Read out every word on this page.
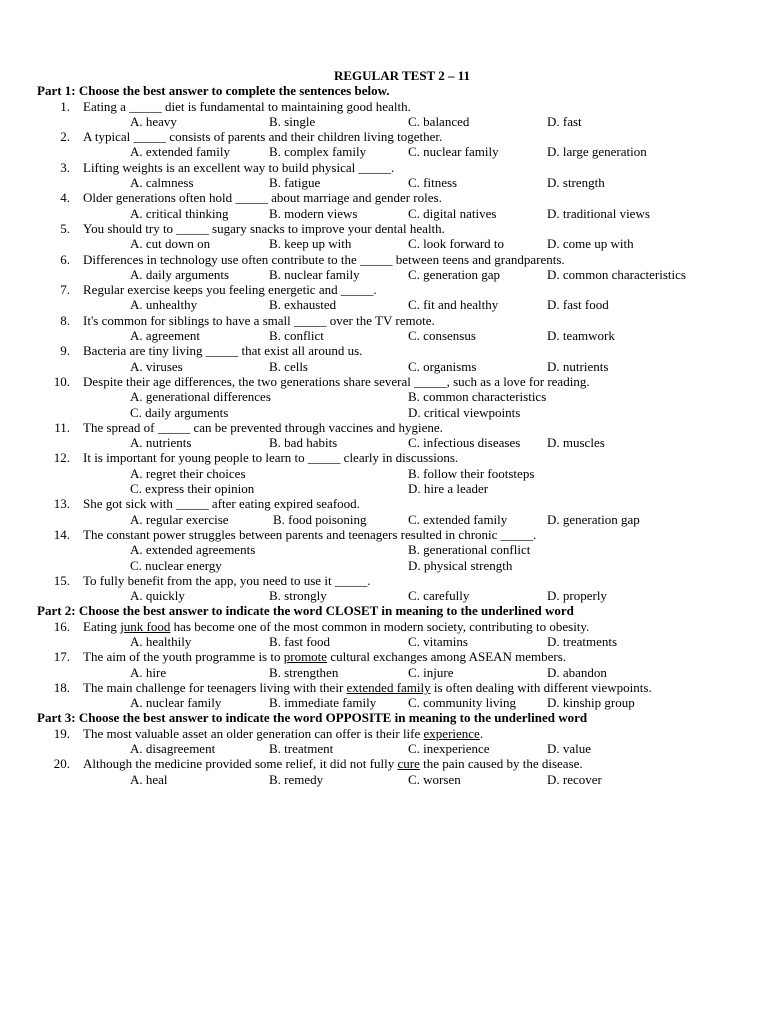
REGULAR TEST 2 – 11
Part 1: Choose the best answer to complete the sentences below.
1. Eating a _____ diet is fundamental to maintaining good health.
A. heavy	B. single	C. balanced	D. fast
2. A typical _____ consists of parents and their children living together.
A. extended family	B. complex family	C. nuclear family	D. large generation
3. Lifting weights is an excellent way to build physical _____.
A. calmness	B. fatigue	C. fitness	D. strength
4. Older generations often hold _____ about marriage and gender roles.
A. critical thinking	B. modern views	C. digital natives	D. traditional views
5. You should try to _____ sugary snacks to improve your dental health.
A. cut down on	B. keep up with	C. look forward to	D. come up with
6. Differences in technology use often contribute to the _____ between teens and grandparents.
A. daily arguments	B. nuclear family	C. generation gap	D. common characteristics
7. Regular exercise keeps you feeling energetic and _____.
A. unhealthy	B. exhausted	C. fit and healthy	D. fast food
8. It's common for siblings to have a small _____ over the TV remote.
A. agreement	B. conflict	C. consensus	D. teamwork
9. Bacteria are tiny living _____ that exist all around us.
A. viruses	B. cells	C. organisms	D. nutrients
10. Despite their age differences, the two generations share several _____, such as a love for reading.
A. generational differences	B. common characteristics
C. daily arguments	D. critical viewpoints
11. The spread of _____ can be prevented through vaccines and hygiene.
A. nutrients	B. bad habits	C. infectious diseases D. muscles
12. It is important for young people to learn to _____ clearly in discussions.
A. regret their choices	B. follow their footsteps
C. express their opinion	D. hire a leader
13. She got sick with _____ after eating expired seafood.
A. regular exercise	B. food poisoning	C. extended family	D. generation gap
14. The constant power struggles between parents and teenagers resulted in chronic _____.
A. extended agreements	B. generational conflict
C. nuclear energy	D. physical strength
15. To fully benefit from the app, you need to use it _____.
A. quickly	B. strongly	C. carefully	D. properly
Part 2: Choose the best answer to indicate the word CLOSET in meaning to the underlined word
16. Eating junk food has become one of the most common in modern society, contributing to obesity.
A. healthily	B. fast food	C. vitamins	D. treatments
17. The aim of the youth programme is to promote cultural exchanges among ASEAN members.
A. hire	B. strengthen	C. injure	D. abandon
18. The main challenge for teenagers living with their extended family is often dealing with different viewpoints.
A. nuclear family	B. immediate family C. community living D. kinship group
Part 3: Choose the best answer to indicate the word OPPOSITE in meaning to the underlined word
19. The most valuable asset an older generation can offer is their life experience.
A. disagreement	B. treatment	C. inexperience	D. value
20. Although the medicine provided some relief, it did not fully cure the pain caused by the disease.
A. heal	B. remedy	C. worsen	D. recover
